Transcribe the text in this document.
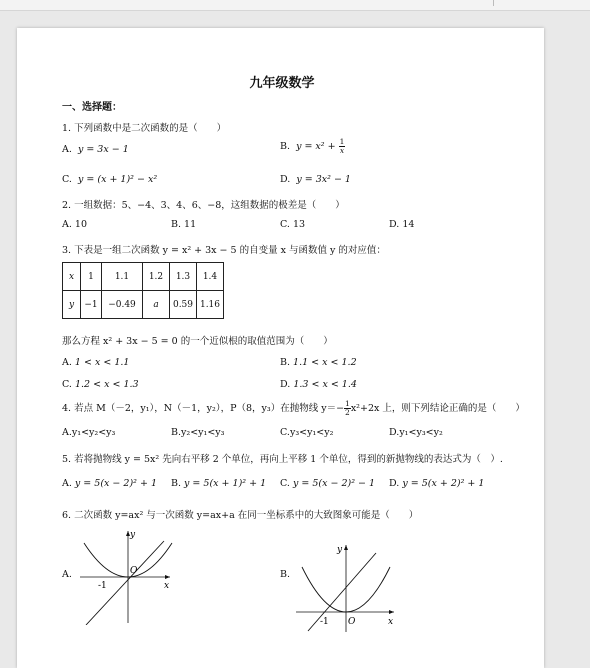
九年级数学
一、选择题：
1. 下列函数中是二次函数的是（　　）
A. y = 3x − 1	B. $y = x^2 + \frac{1}{x}$
C. y = (x + 1)² − x²	D. y = 3x² − 1
2. 一组数据：5、−4、3、4、6、−8，这组数据的极差是（　　）
A. 10	B. 11	C. 13	D. 14
3. 下表是一组二次函数 y = x² + 3x − 5 的自变量 x 与函数值 y 的对应值：
x	1	1.1	1.2	1.3	1.4
y	−1	−0.49	a	0.59	1.16
那么方程 x² + 3x − 5 = 0 的一个近似根的取值范围为（　　）
A. 1 < x < 1.1	B. 1.1 < x < 1.2
C. 1.2 < x < 1.3	D. 1.3 < x < 1.4
4. 若点 M（－2，y₁），N（－1，y₂），P（8，y₃）在抛物线 $y=- \frac{1}{2} x^2+2x$ 上，则下列结论正确的是（　　）
A.y₁<y₂<y₃	B.y₂<y₁<y₃	C.y₃<y₁<y₂	D.y₁<y₃<y₂
5. 若将抛物线 y = 5x² 先向右平移 2 个单位，再向上平移 1 个单位，得到的新抛物线的表达式为（　）.
A. y = 5(x − 2)² + 1 B. y = 5(x + 1)² + 1 C. y = 5(x − 2)² − 1 D. y = 5(x + 2)² + 1
6. 二次函数 y=ax² 与一次函数 y=ax+a 在同一坐标系中的大致图象可能是（　　）
A.
y
x
O
-1
B.
y
x
O
-1
